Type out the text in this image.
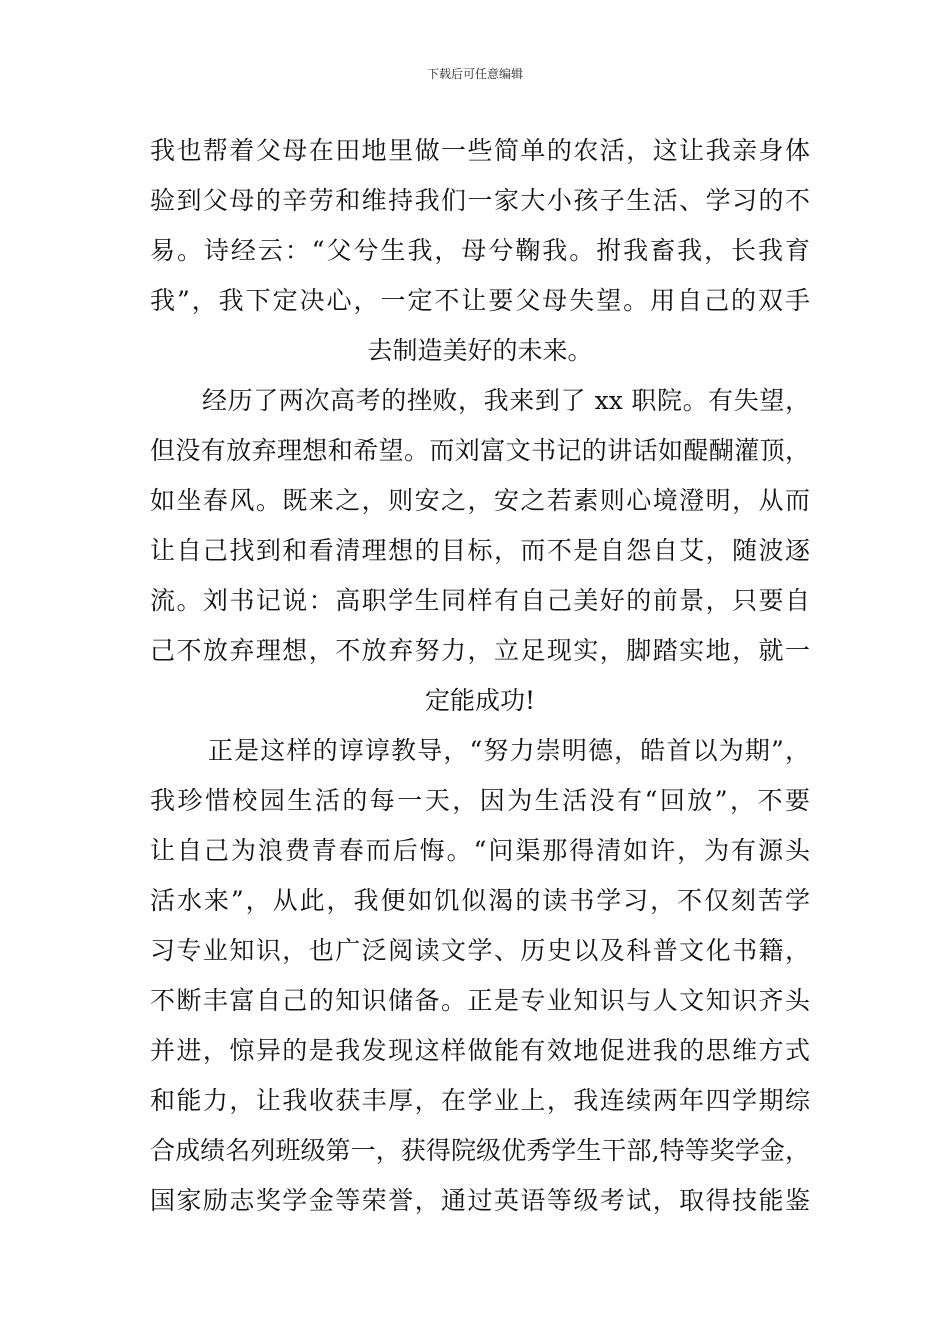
下载后可任意编辑
我也帮着父母在田地里做一些简单的农活，这让我亲身体
验到父母的辛劳和维持我们一家大小孩子生活、学习的不
易。诗经云：“父兮生我，母兮鞠我。拊我畜我，长我育
我”，我下定决心，一定不让要父母失望。用自己的双手
去制造美好的未来。
经历了两次高考的挫败，我来到了 xx 职院。有失望，
但没有放弃理想和希望。而刘富文书记的讲话如醍醐灌顶，
如坐春风。既来之，则安之，安之若素则心境澄明，从而
让自己找到和看清理想的目标，而不是自怨自艾，随波逐
流。刘书记说：高职学生同样有自己美好的前景，只要自
己不放弃理想，不放弃努力，立足现实，脚踏实地，就一
定能成功!
正是这样的谆谆教导，“努力崇明德，皓首以为期”，
我珍惜校园生活的每一天，因为生活没有“回放”，不要
让自己为浪费青春而后悔。“问渠那得清如许，为有源头
活水来”，从此，我便如饥似渴的读书学习，不仅刻苦学
习专业知识，也广泛阅读文学、历史以及科普文化书籍，
不断丰富自己的知识储备。正是专业知识与人文知识齐头
并进，惊异的是我发现这样做能有效地促进我的思维方式
和能力，让我收获丰厚，在学业上，我连续两年四学期综
合成绩名列班级第一，获得院级优秀学生干部,特等奖学金，
国家励志奖学金等荣誉，通过英语等级考试，取得技能鉴
